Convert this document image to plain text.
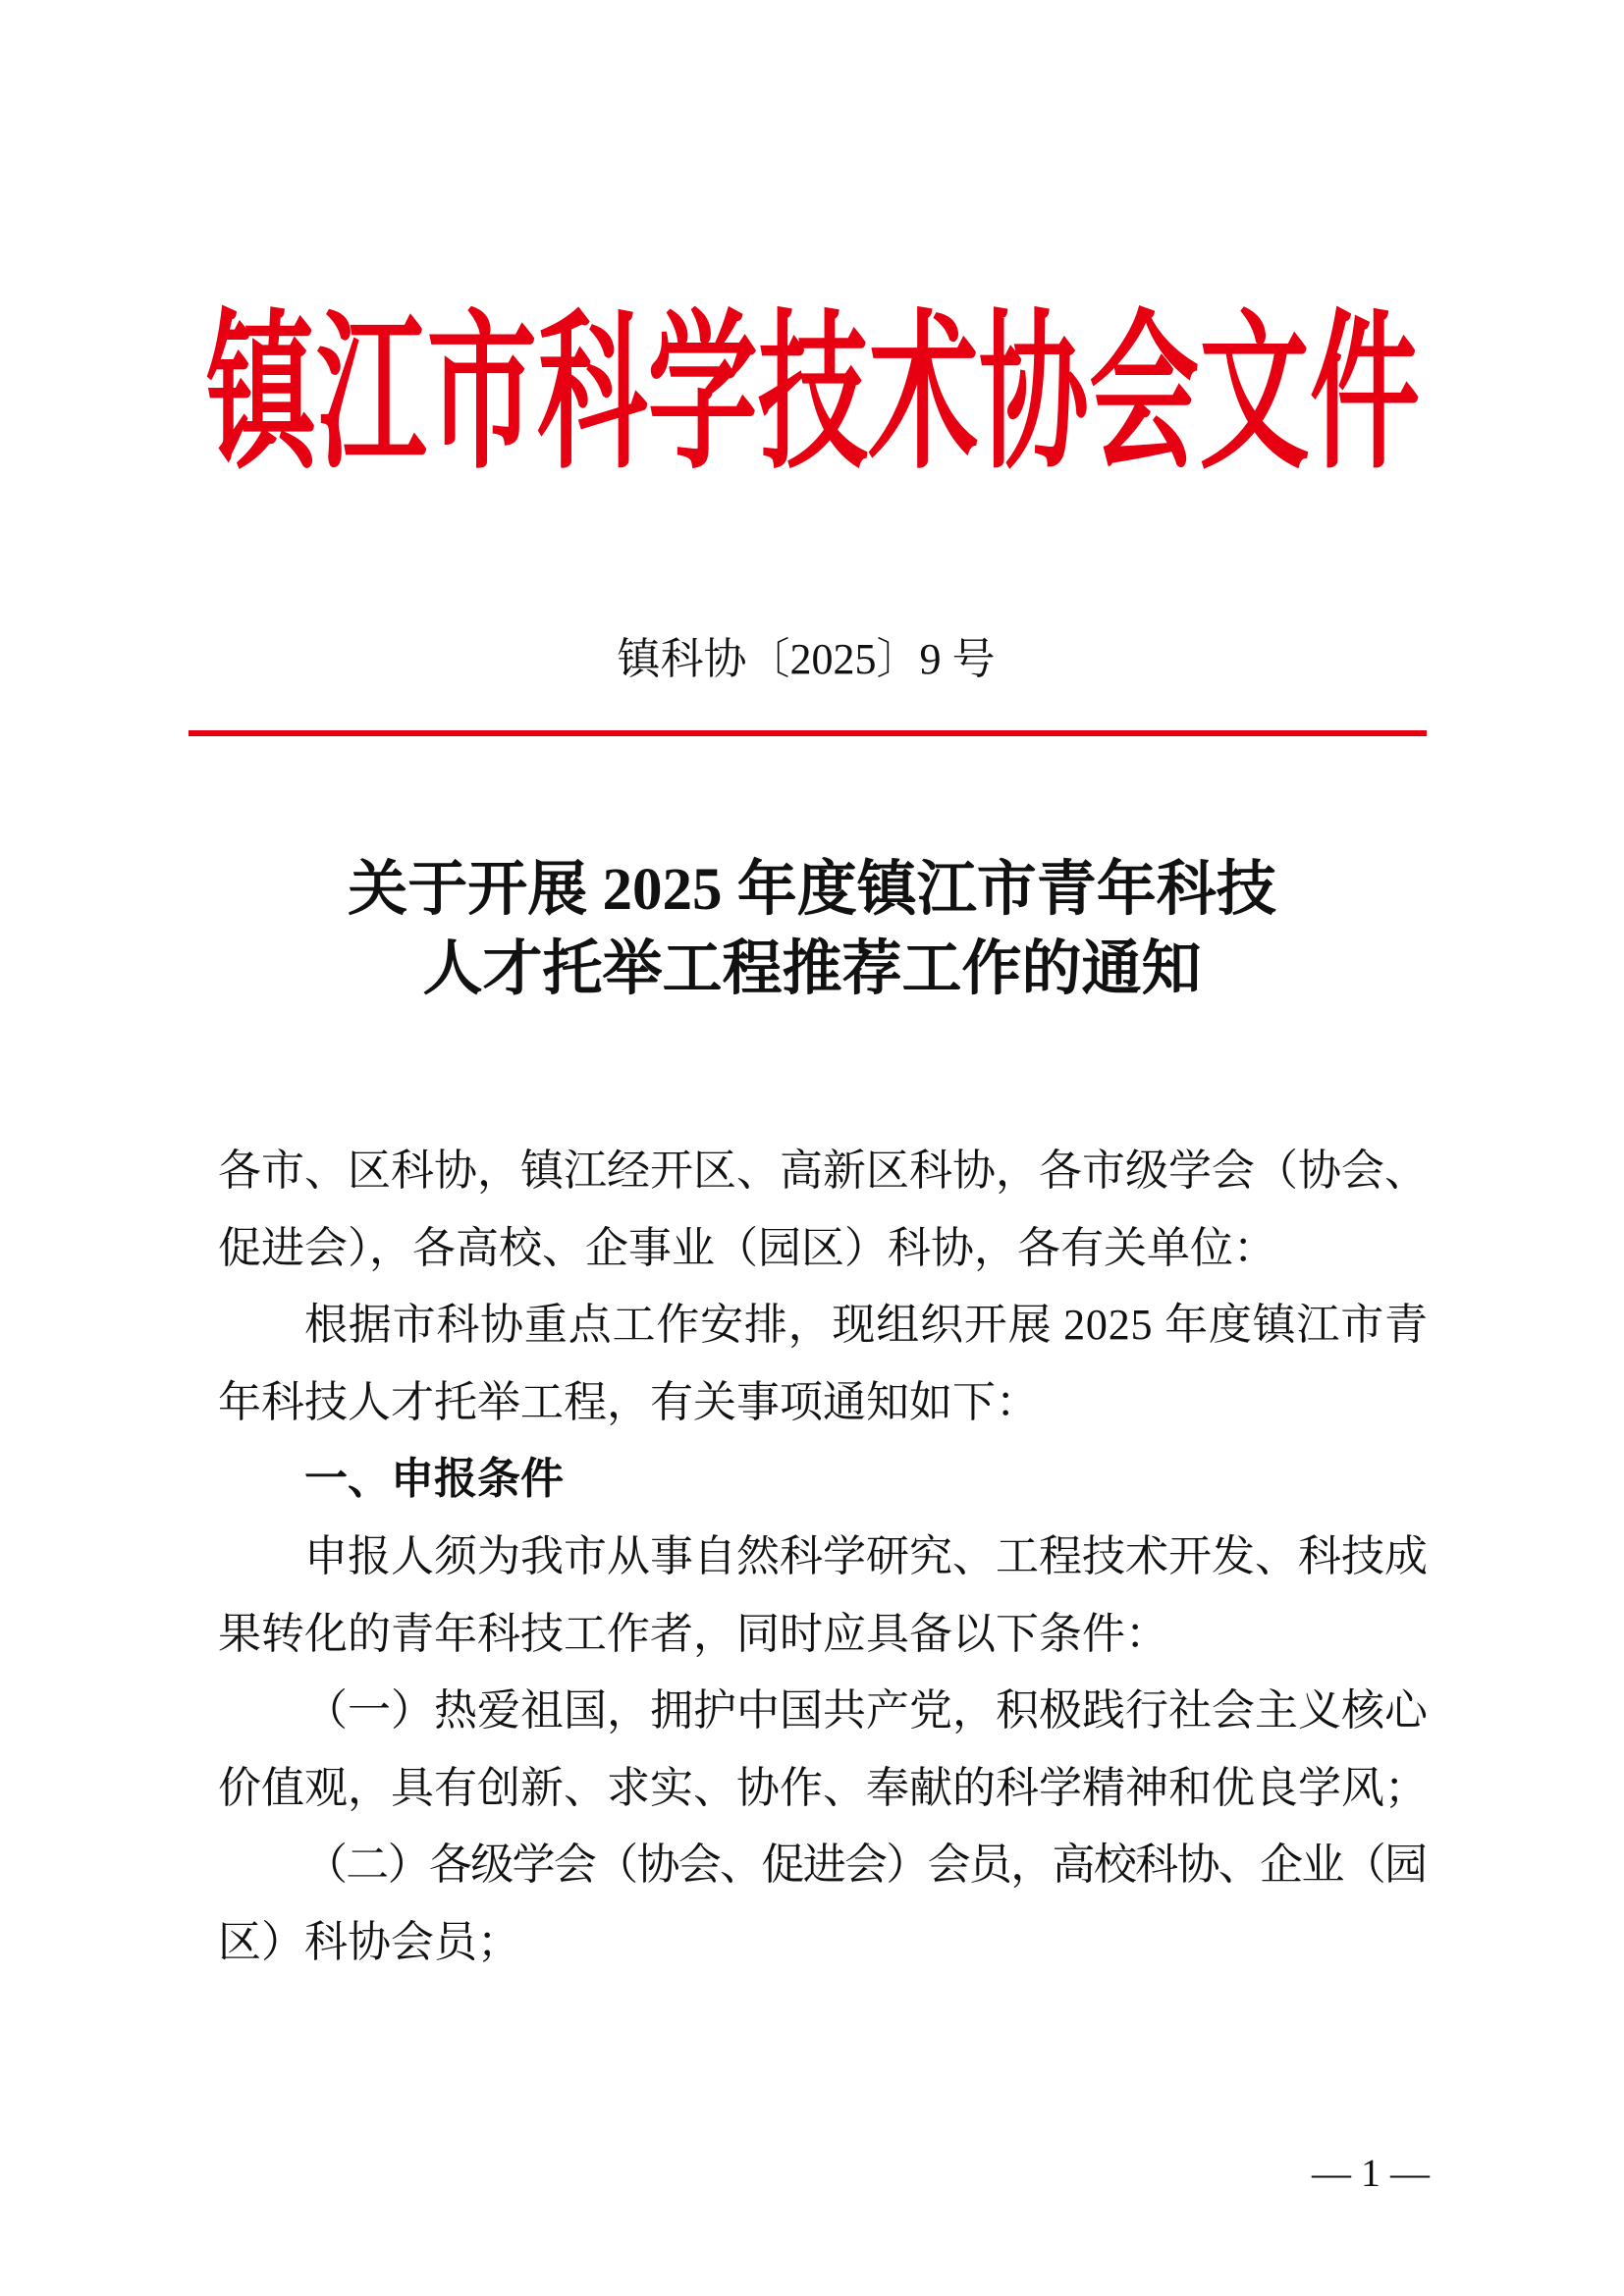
镇江市科学技术协会文件
镇科协〔2025〕9 号
关于开展 2025 年度镇江市青年科技
人才托举工程推荐工作的通知
各市、区科协，镇江经开区、高新区科协，各市级学会（协会、
促进会），各高校、企事业（园区）科协，各有关单位：
根据市科协重点工作安排，现组织开展 2025 年度镇江市青
年科技人才托举工程，有关事项通知如下：
一、申报条件
申报人须为我市从事自然科学研究、工程技术开发、科技成
果转化的青年科技工作者，同时应具备以下条件：
（一）热爱祖国，拥护中国共产党，积极践行社会主义核心
价值观，具有创新、求实、协作、奉献的科学精神和优良学风；
（二）各级学会（协会、促进会）会员，高校科协、企业（园
区）科协会员；
— 1 —
